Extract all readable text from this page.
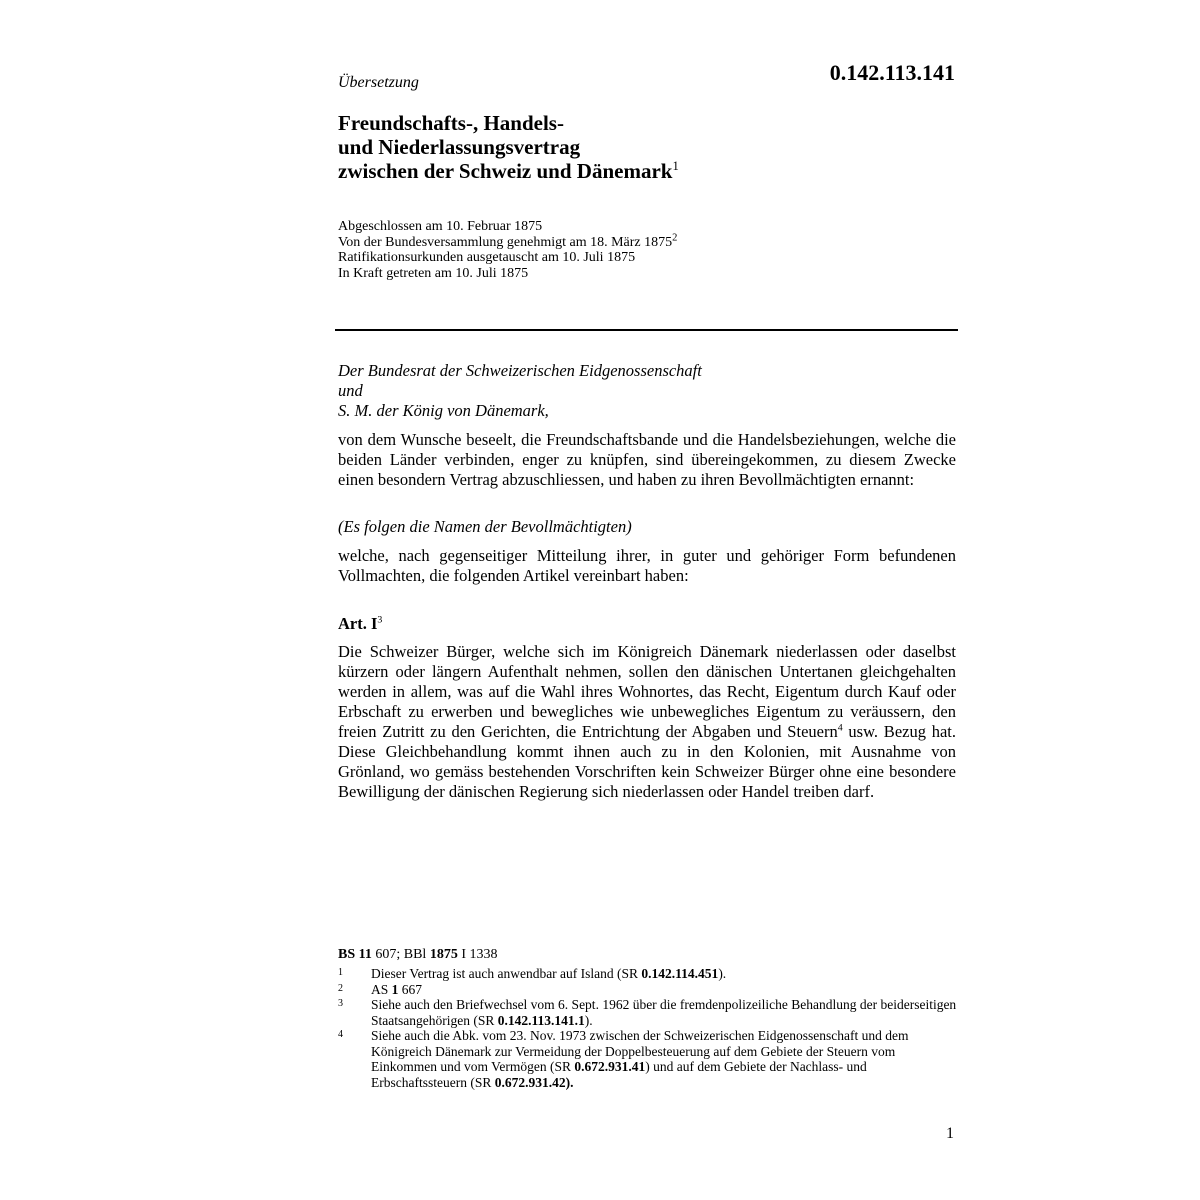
Übersetzung	0.142.113.141
Freundschafts-, Handels-
und Niederlassungsvertrag
zwischen der Schweiz und Dänemark$^1$
Abgeschlossen am 10. Februar 1875
Von der Bundesversammlung genehmigt am 18. März 1875$^2$
Ratifikationsurkunden ausgetauscht am 10. Juli 1875
In Kraft getreten am 10. Juli 1875
Der Bundesrat der Schweizerischen Eidgenossenschaft
und
S. M. der König von Dänemark,
von dem Wunsche beseelt, die Freundschaftsbande und die Handelsbeziehungen, welche die beiden Länder verbinden, enger zu knüpfen, sind übereingekommen, zu diesem Zwecke einen besondern Vertrag abzuschliessen, und haben zu ihren Bevollmächtigten ernannt:
(Es folgen die Namen der Bevollmächtigten)
welche, nach gegenseitiger Mitteilung ihrer, in guter und gehöriger Form befundenen Vollmachten, die folgenden Artikel vereinbart haben:
Art. $I^3$
Die Schweizer Bürger, welche sich im Königreich Dänemark niederlassen oder daselbst kürzern oder längern Aufenthalt nehmen, sollen den dänischen Untertanen gleichgehalten werden in allem, was auf die Wahl ihres Wohnortes, das Recht, Eigentum durch Kauf oder Erbschaft zu erwerben und bewegliches wie unbewegliches Eigentum zu veräussern, den freien Zutritt zu den Gerichten, die Entrichtung der Abgaben und Steuern$^4$ usw. Bezug hat. Diese Gleichbehandlung kommt ihnen auch zu in den Kolonien, mit Ausnahme von Grönland, wo gemäss bestehenden Vorschriften kein Schweizer Bürger ohne eine besondere Bewilligung der dänischen Regierung sich niederlassen oder Handel treiben darf.
BS 11 607; BBl 1875 I 1338
1	Dieser Vertrag ist auch anwendbar auf Island (SR 0.142.114.451).
2	AS 1 667
3	Siehe auch den Briefwechsel vom 6. Sept. 1962 über die fremdenpolizeiliche Behandlung der beiderseitigen Staatsangehörigen (SR 0.142.113.141.1).
4	Siehe auch die Abk. vom 23. Nov. 1973 zwischen der Schweizerischen Eidgenossenschaft und dem Königreich Dänemark zur Vermeidung der Doppelbesteuerung auf dem Gebiete der Steuern vom Einkommen und vom Vermögen (SR 0.672.931.41) und auf dem Gebiete der Nachlass- und Erbschaftssteuern (SR 0.672.931.42).
1
